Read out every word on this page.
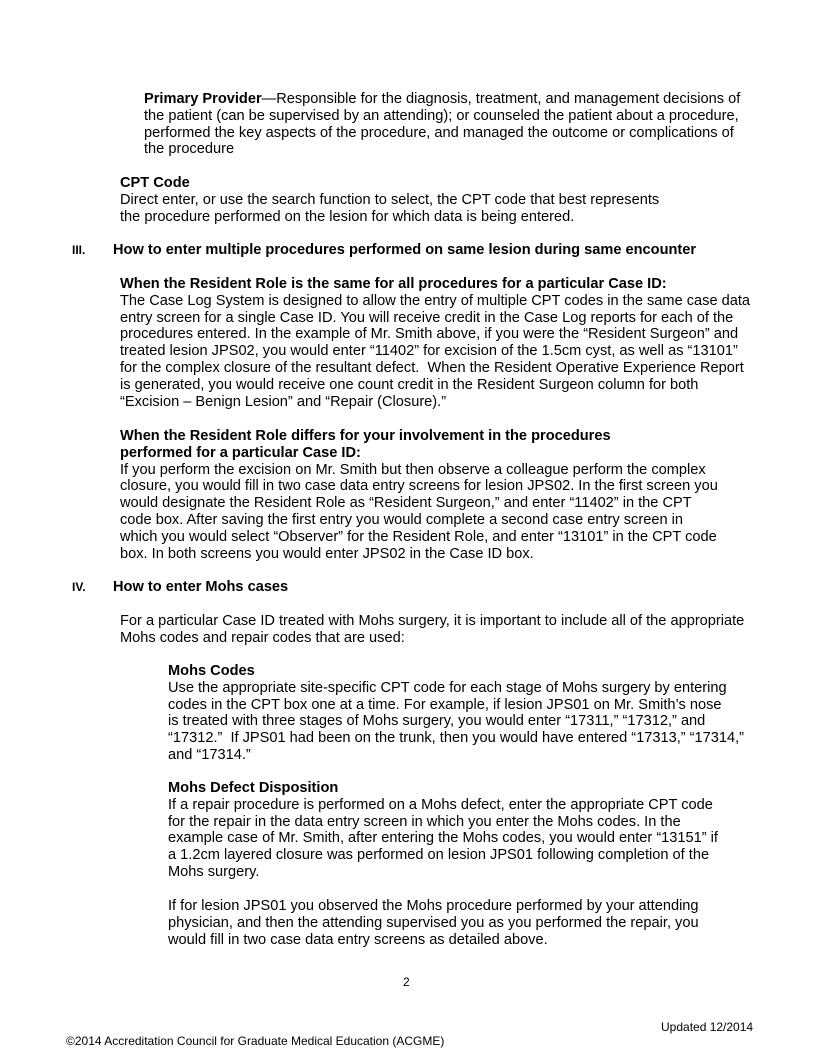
Primary Provider—Responsible for the diagnosis, treatment, and management decisions of
the patient (can be supervised by an attending); or counseled the patient about a procedure,
performed the key aspects of the procedure, and managed the outcome or complications of
the procedure
CPT Code
Direct enter, or use the search function to select, the CPT code that best represents
the procedure performed on the lesion for which data is being entered.
III. How to enter multiple procedures performed on same lesion during same encounter
When the Resident Role is the same for all procedures for a particular Case ID:
The Case Log System is designed to allow the entry of multiple CPT codes in the same case data
entry screen for a single Case ID. You will receive credit in the Case Log reports for each of the
procedures entered. In the example of Mr. Smith above, if you were the “Resident Surgeon” and
treated lesion JPS02, you would enter “11402” for excision of the 1.5cm cyst, as well as “13101”
for the complex closure of the resultant defect.  When the Resident Operative Experience Report
is generated, you would receive one count credit in the Resident Surgeon column for both
“Excision – Benign Lesion” and “Repair (Closure).”
When the Resident Role differs for your involvement in the procedures
performed for a particular Case ID:
If you perform the excision on Mr. Smith but then observe a colleague perform the complex
closure, you would fill in two case data entry screens for lesion JPS02. In the first screen you
would designate the Resident Role as “Resident Surgeon,” and enter “11402” in the CPT
code box. After saving the first entry you would complete a second case entry screen in
which you would select “Observer” for the Resident Role, and enter “13101” in the CPT code
box. In both screens you would enter JPS02 in the Case ID box.
IV. How to enter Mohs cases
For a particular Case ID treated with Mohs surgery, it is important to include all of the appropriate
Mohs codes and repair codes that are used:
Mohs Codes
Use the appropriate site-specific CPT code for each stage of Mohs surgery by entering
codes in the CPT box one at a time. For example, if lesion JPS01 on Mr. Smith’s nose
is treated with three stages of Mohs surgery, you would enter “17311,” “17312,” and
“17312.”  If JPS01 had been on the trunk, then you would have entered “17313,” “17314,”
and “17314.”
Mohs Defect Disposition
If a repair procedure is performed on a Mohs defect, enter the appropriate CPT code
for the repair in the data entry screen in which you enter the Mohs codes. In the
example case of Mr. Smith, after entering the Mohs codes, you would enter “13151” if
a 1.2cm layered closure was performed on lesion JPS01 following completion of the
Mohs surgery.
If for lesion JPS01 you observed the Mohs procedure performed by your attending
physician, and then the attending supervised you as you performed the repair, you
would fill in two case data entry screens as detailed above.
2
Updated 12/2014
©2014 Accreditation Council for Graduate Medical Education (ACGME)
